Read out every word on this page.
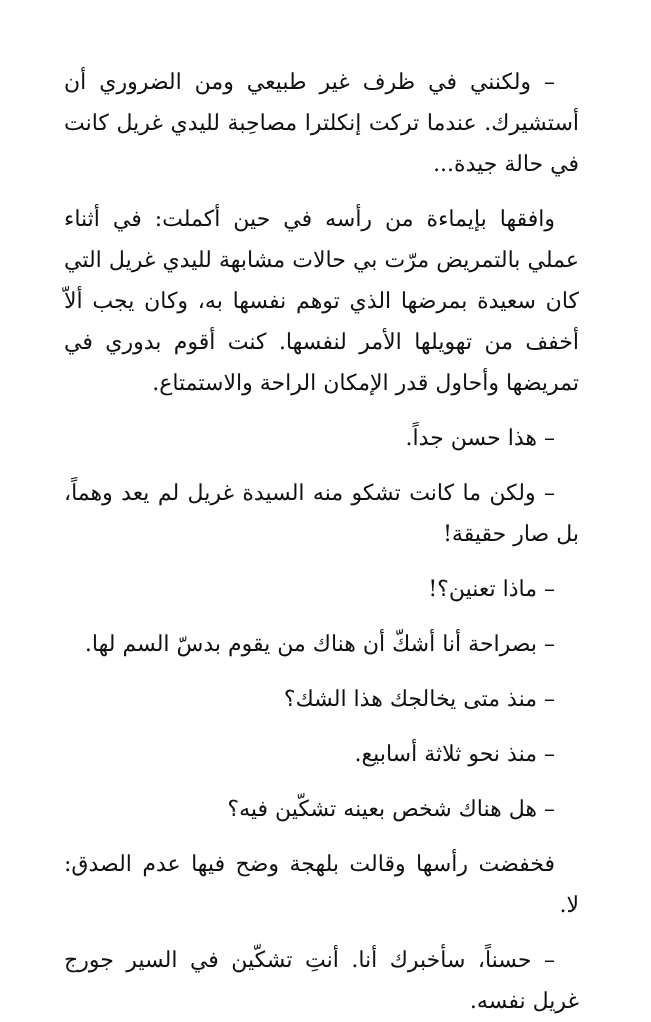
– ولكنني في ظرف غير طبيعي ومن الضروري أن أستشيرك. عندما تركت إنكلترا مصاحِبة لليدي غريل كانت في حالة جيدة...

وافقها بإيماءة من رأسه في حين أكملت: في أثناء عملي بالتمريض مرّت بي حالات مشابهة لليدي غريل التي كان سعيدة بمرضها الذي توهم نفسها به، وكان يجب ألاّ أخفف من تهويلها الأمر لنفسها. كنت أقوم بدوري في تمريضها وأحاول قدر الإمكان الراحة والاستمتاع.

– هذا حسن جداً.

– ولكن ما كانت تشكو منه السيدة غريل لم يعد وهماً، بل صار حقيقة!

– ماذا تعنين؟!

– بصراحة أنا أشكّ أن هناك من يقوم بدسّ السم لها.

– منذ متى يخالجك هذا الشك؟

– منذ نحو ثلاثة أسابيع.

– هل هناك شخص بعينه تشكّين فيه؟

فخفضت رأسها وقالت بلهجة وضح فيها عدم الصدق: لا.

– حسناً، سأخبرك أنا. أنتِ تشكّين في السير جورج غريل نفسه.
